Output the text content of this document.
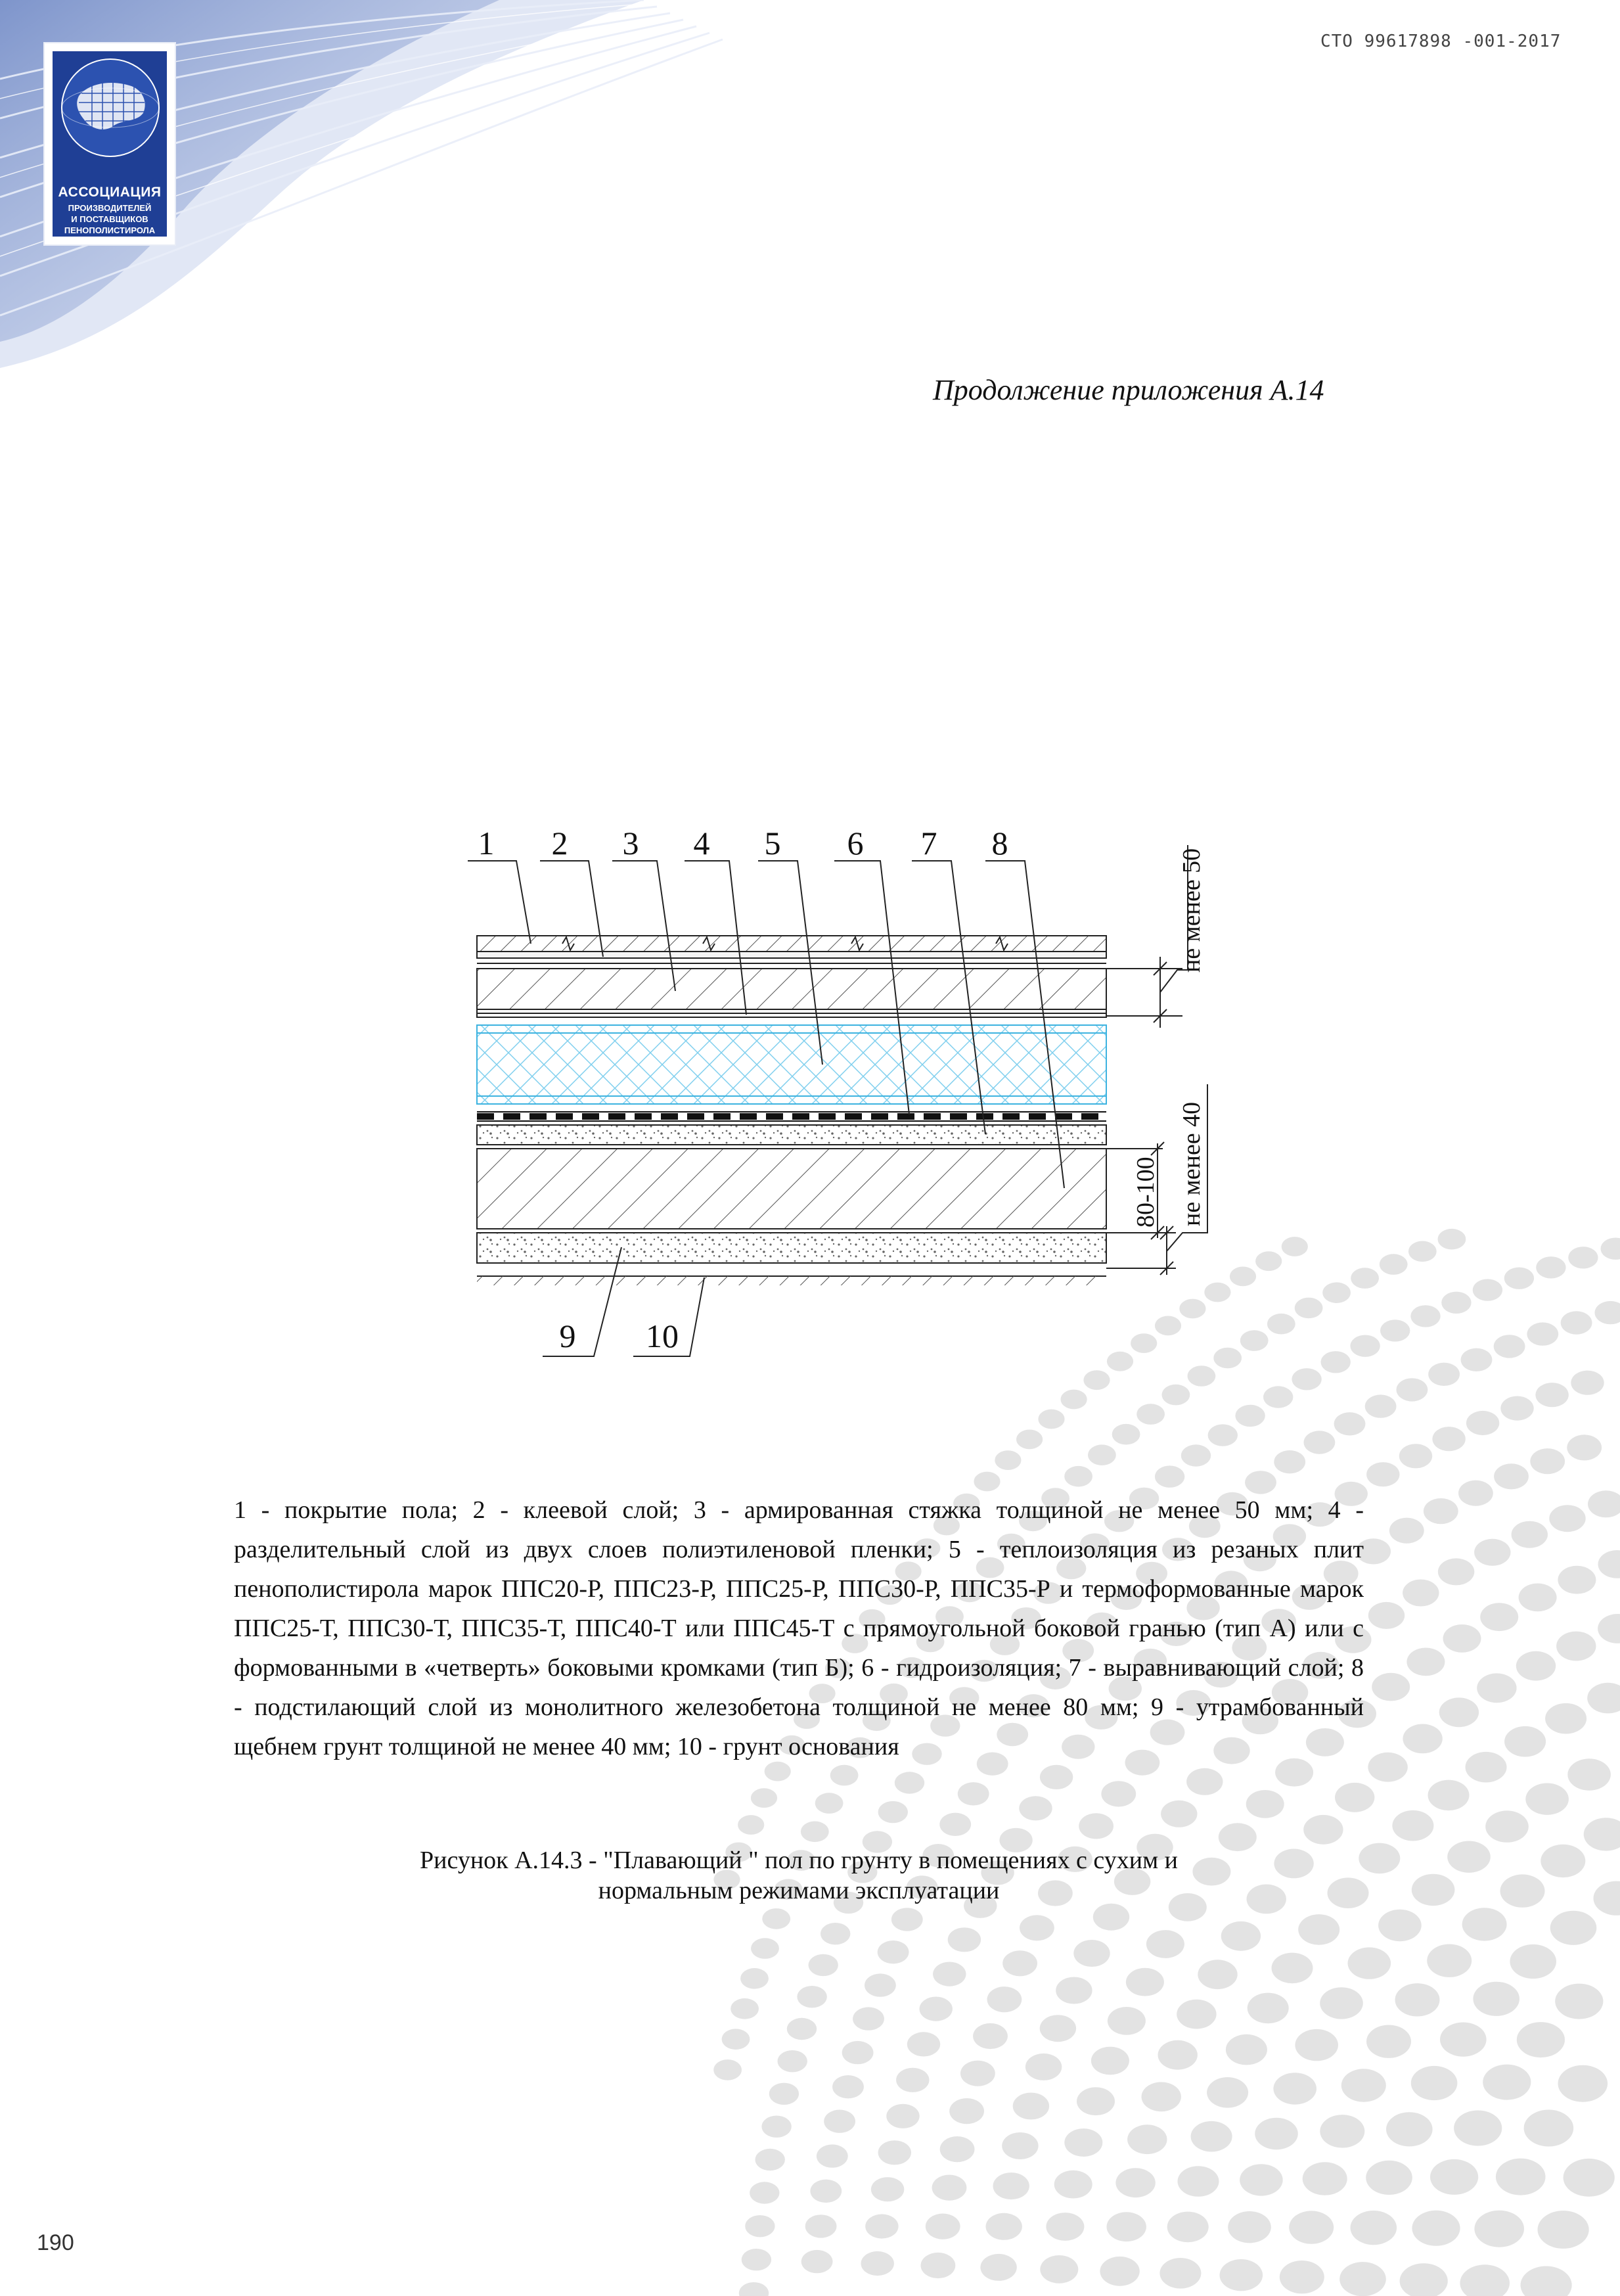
АССОЦИАЦИЯ
ПРОИЗВОДИТЕЛЕЙ
И ПОСТАВЩИКОВ
ПЕНОПОЛИСТИРОЛА
СТО 99617898 -001-2017
Продолжение приложения А.14
1 2 3 4 5 6 7 8
9 10
не менее 50
80-100 не менее 40
1 - покрытие пола; 2 - клеевой слой; 3 - армированная стяжка толщиной не менее 50 мм; 4 - разделительный слой из двух слоев полиэтиленовой пленки; 5 - теплоизоляция из резаных плит пенополистирола марок ППС20-Р, ППС23-Р, ППС25-Р, ППС30-Р, ППС35-Р и термоформованные марок ППС25-Т, ППС30-Т, ППС35-Т, ППС40-Т или ППС45-Т с прямоугольной боковой гранью (тип А) или с формованными в «четверть» боковыми кромками (тип Б); 6 - гидроизоляция; 7 - выравнивающий слой; 8 - подстилающий слой из монолитного железобетона толщиной не менее 80 мм; 9 - утрамбованный щебнем грунт толщиной не менее 40 мм; 10 - грунт основания
Рисунок А.14.3 - "Плавающий " пол по грунту в помещениях с сухим и
нормальным режимами эксплуатации
190
